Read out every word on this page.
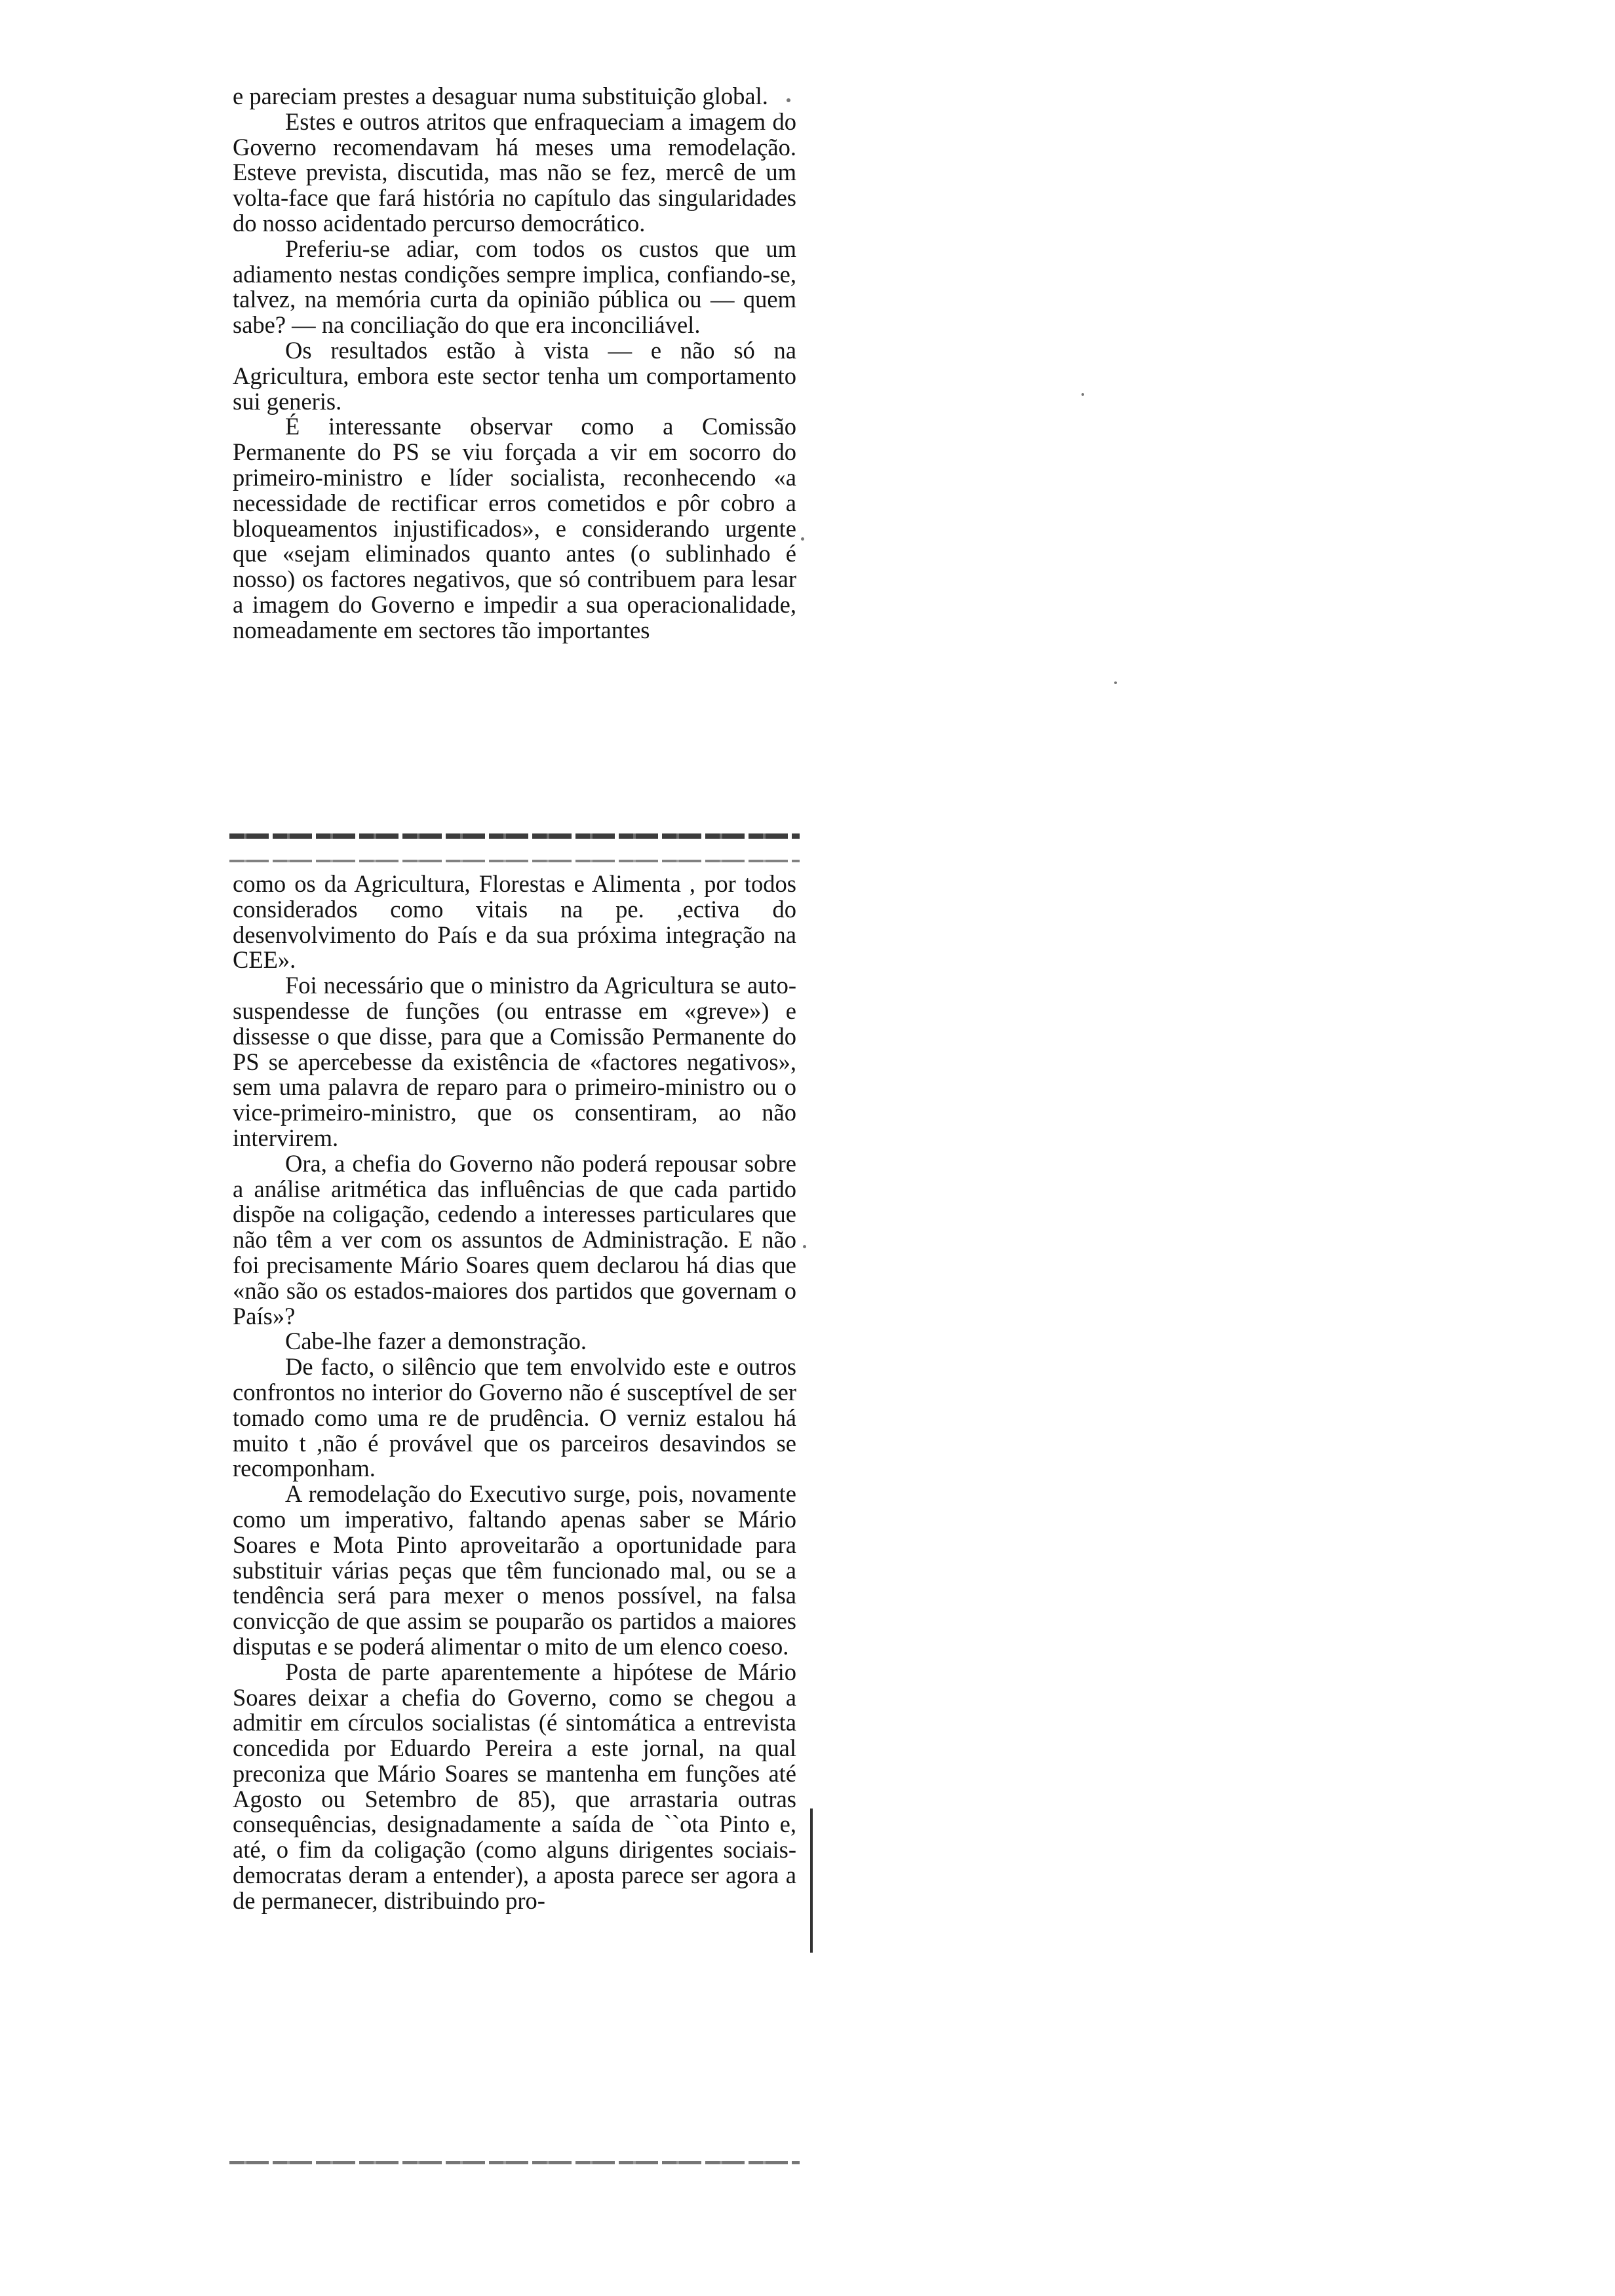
e pareciam prestes a desaguar numa substituição global.

Estes e outros atritos que enfraqueciam a imagem do Governo recomendavam há meses uma remodelação. Esteve prevista, discutida, mas não se fez, mercê de um volta-face que fará história no capítulo das singularidades do nosso acidentado percurso democrático.

Preferiu-se adiar, com todos os custos que um adiamento nestas condições sempre implica, confiando-se, talvez, na memória curta da opinião pública ou — quem sabe? — na conciliação do que era inconciliável.

Os resultados estão à vista — e não só na Agricultura, embora este sector tenha um comportamento sui generis.

É interessante observar como a Comissão Permanente do PS se viu forçada a vir em socorro do primeiro-ministro e líder socialista, reconhecendo «a necessidade de rectificar erros cometidos e pôr cobro a bloqueamentos injustificados», e considerando urgente que «sejam eliminados quanto antes (o sublinhado é nosso) os factores negativos, que só contribuem para lesar a imagem do Governo e impedir a sua operacionalidade, nomeadamente em sectores tão importantes

como os da Agricultura, Florestas e Alimenta , por todos considerados como vitais na pe. ,ectiva do desenvolvimento do País e da sua próxima integração na CEE».

Foi necessário que o ministro da Agricultura se auto-suspendesse de funções (ou entrasse em «greve») e dissesse o que disse, para que a Comissão Permanente do PS se apercebesse da existência de «factores negativos», sem uma palavra de reparo para o primeiro-ministro ou o vice-primeiro-ministro, que os consentiram, ao não intervirem.

Ora, a chefia do Governo não poderá repousar sobre a análise aritmética das influências de que cada partido dispõe na coligação, cedendo a interesses particulares que não têm a ver com os assuntos de Administração. E não foi precisamente Mário Soares quem declarou há dias que «não são os estados-maiores dos partidos que governam o País»?

Cabe-lhe fazer a demonstração.

De facto, o silêncio que tem envolvido este e outros confrontos no interior do Governo não é susceptível de ser tomado como uma re de prudência. O verniz estalou há muito t ,não é provável que os parceiros desavindos se recomponham.

A remodelação do Executivo surge, pois, novamente como um imperativo, faltando apenas saber se Mário Soares e Mota Pinto aproveitarão a oportunidade para substituir várias peças que têm funcionado mal, ou se a tendência será para mexer o menos possível, na falsa convicção de que assim se pouparão os partidos a maiores disputas e se poderá alimentar o mito de um elenco coeso.

Posta de parte aparentemente a hipótese de Mário Soares deixar a chefia do Governo, como se chegou a admitir em círculos socialistas (é sintomática a entrevista concedida por Eduardo Pereira a este jornal, na qual preconiza que Mário Soares se mantenha em funções até Agosto ou Setembro de 85), que arrastaria outras consequências, designadamente a saída de ``ota Pinto e, até, o fim da coligação (como alguns dirigentes sociais-democratas deram a entender), a aposta parece ser agora a de permanecer, distribuindo pro-
